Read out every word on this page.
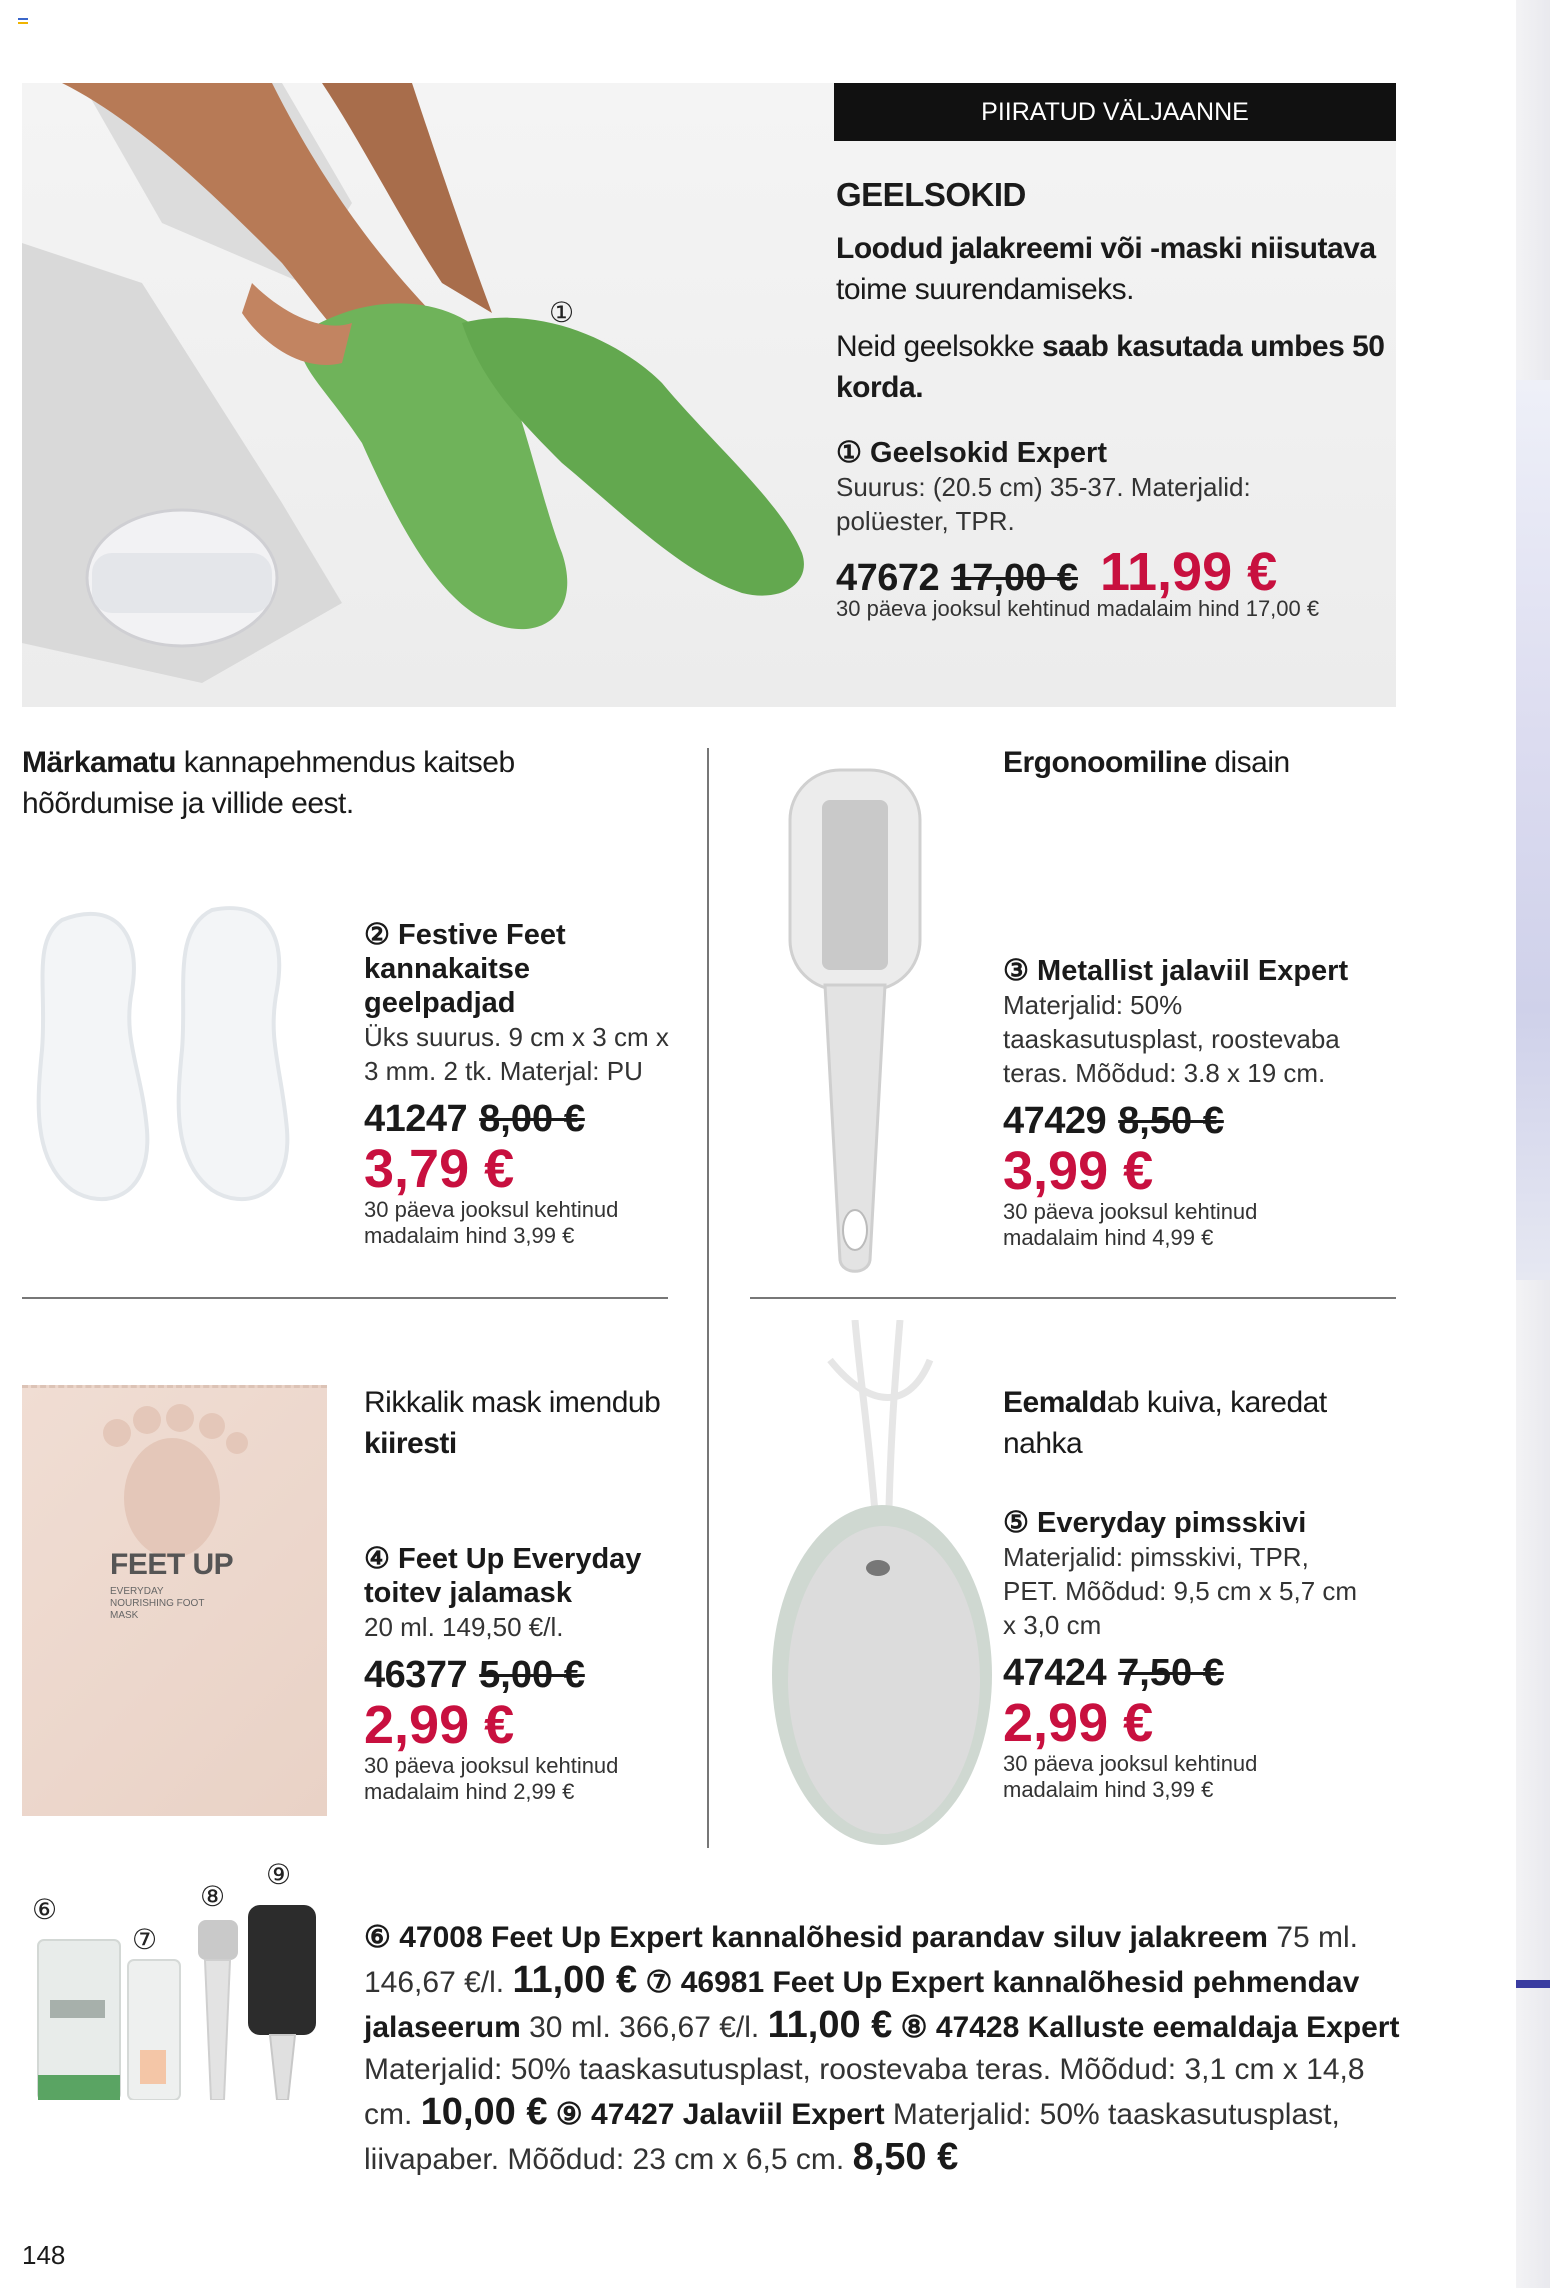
PIIRATUD VÄLJAANNE
①
GEELSOKID
Loodud jalakreemi või -maski niisutava
toime suurendamiseks.
Neid geelsokke saab kasutada umbes 50 korda.
① Geelsokid Expert
Suurus: (20.5 cm) 35-37. Materjalid: polüester, TPR.
47672 17,00 € 11,99 €
30 päeva jooksul kehtinud madalaim hind 17,00 €
Märkamatu kannapehmendus kaitseb hõõrdumise ja villide eest.
② Festive Feet kannakaitse geelpadjad
Üks suurus. 9 cm x 3 cm x 3 mm. 2 tk. Materjal: PU
41247 8,00 €
3,79 €
30 päeva jooksul kehtinud madalaim hind 3,99 €
Ergonoomiline disain
③ Metallist jalaviil Expert
Materjalid: 50% taaskasutusplast, roostevaba teras. Mõõdud: 3.8 x 19 cm.
47429 8,50 €
3,99 €
30 päeva jooksul kehtinud madalaim hind 4,99 €
Rikkalik mask imendub
kiiresti
FEET UP
EVERYDAY NOURISHING FOOT MASK
④ Feet Up Everyday toitev jalamask
20 ml. 149,50 €/l.
46377 5,00 €
2,99 €
30 päeva jooksul kehtinud madalaim hind 2,99 €
Eemaldab kuiva, karedat nahka
⑤ Everyday pimsskivi
Materjalid: pimsskivi, TPR, PET. Mõõdud: 9,5 cm x 5,7 cm x 3,0 cm
47424 7,50 €
2,99 €
30 päeva jooksul kehtinud madalaim hind 3,99 €
⑥
⑦
⑧
⑨
⑥ 47008 Feet Up Expert kannalõhesid parandav siluv jalakreem 75 ml. 146,67 €/l. 11,00 € ⑦ 46981 Feet Up Expert kannalõhesid pehmendav jalaseerum 30 ml. 366,67 €/l. 11,00 € ⑧ 47428 Kalluste eemaldaja Expert Materjalid: 50% taaskasutusplast, roostevaba teras. Mõõdud: 3,1 cm x 14,8 cm. 10,00 € ⑨ 47427 Jalaviil Expert Materjalid: 50% taaskasutusplast, liivapaber. Mõõdud: 23 cm x 6,5 cm. 8,50 €
148
